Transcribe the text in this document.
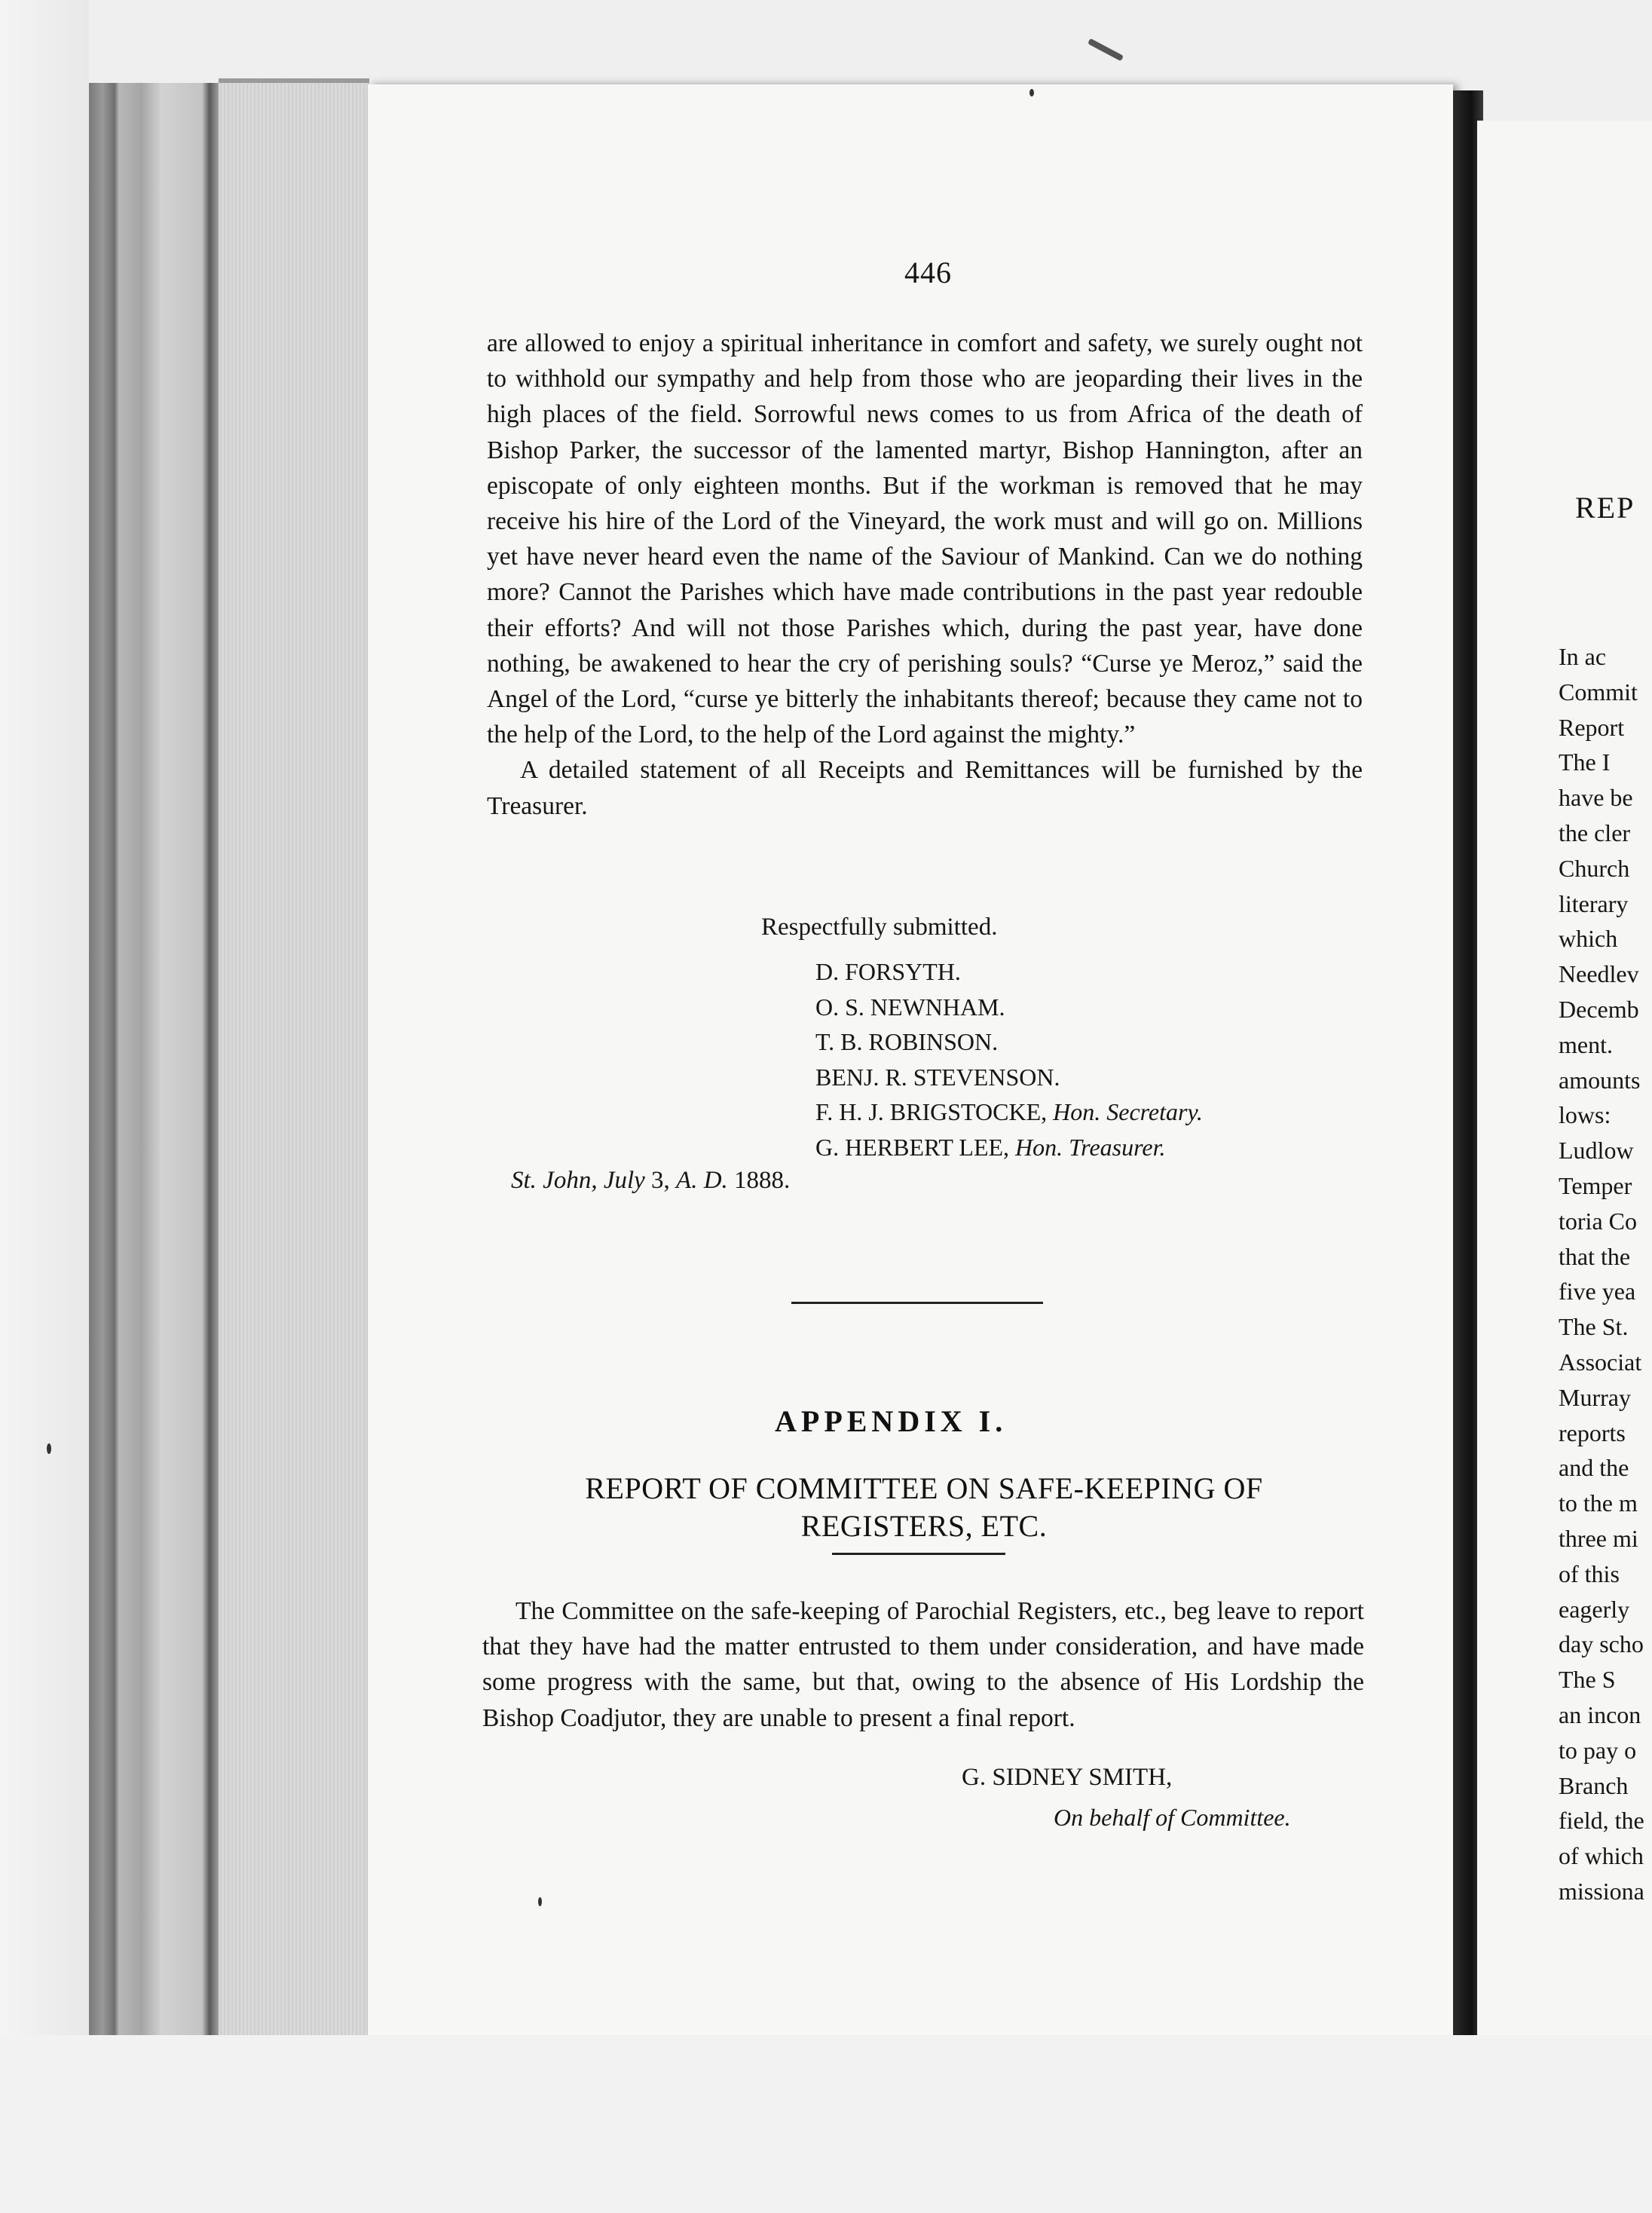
446

are allowed to enjoy a spiritual inheritance in comfort and safety, we surely ought not to withhold our sympathy and help from those who are jeoparding their lives in the high places of the field. Sorrowful news comes to us from Africa of the death of Bishop Parker, the successor of the lamented martyr, Bishop Hannington, after an episcopate of only eighteen months. But if the workman is removed that he may receive his hire of the Lord of the Vineyard, the work must and will go on. Millions yet have never heard even the name of the Saviour of Mankind. Can we do nothing more? Cannot the Parishes which have made contributions in the past year redouble their efforts? And will not those Parishes which, during the past year, have done nothing, be awakened to hear the cry of perishing souls? “Curse ye Meroz,” said the Angel of the Lord, “curse ye bitterly the inhabitants thereof; because they came not to the help of the Lord, to the help of the Lord against the mighty.”

A detailed statement of all Receipts and Remittances will be furnished by the Treasurer.

Respectfully submitted.
D. FORSYTH.
O. S. NEWNHAM.
T. B. ROBINSON.
BENJ. R. STEVENSON.
F. H. J. BRIGSTOCKE, Hon. Secretary.
G. HERBERT LEE, Hon. Treasurer.
St. John, July 3, A. D. 1888.
APPENDIX I.
REPORT OF COMMITTEE ON SAFE-KEEPING OF
REGISTERS, ETC.

The Committee on the safe-keeping of Parochial Registers, etc., beg leave to report that they have had the matter entrusted to them under consideration, and have made some progress with the same, but that, owing to the absence of His Lordship the Bishop Coadjutor, they are unable to present a final report.

G. SIDNEY SMITH,
On behalf of Committee.
REP
In ac
Commit
Report
The I
have be
the cler
Church
literary
which
Needlev
Decemb
ment.
amounts
lows:
Ludlow
Temper
toria Co
that the
five yea
The St.
Associat
Murray
reports
and the
to the m
three mi
of this
eagerly
day scho
The S
an incon
to pay o
Branch
field, the
of which
missiona
